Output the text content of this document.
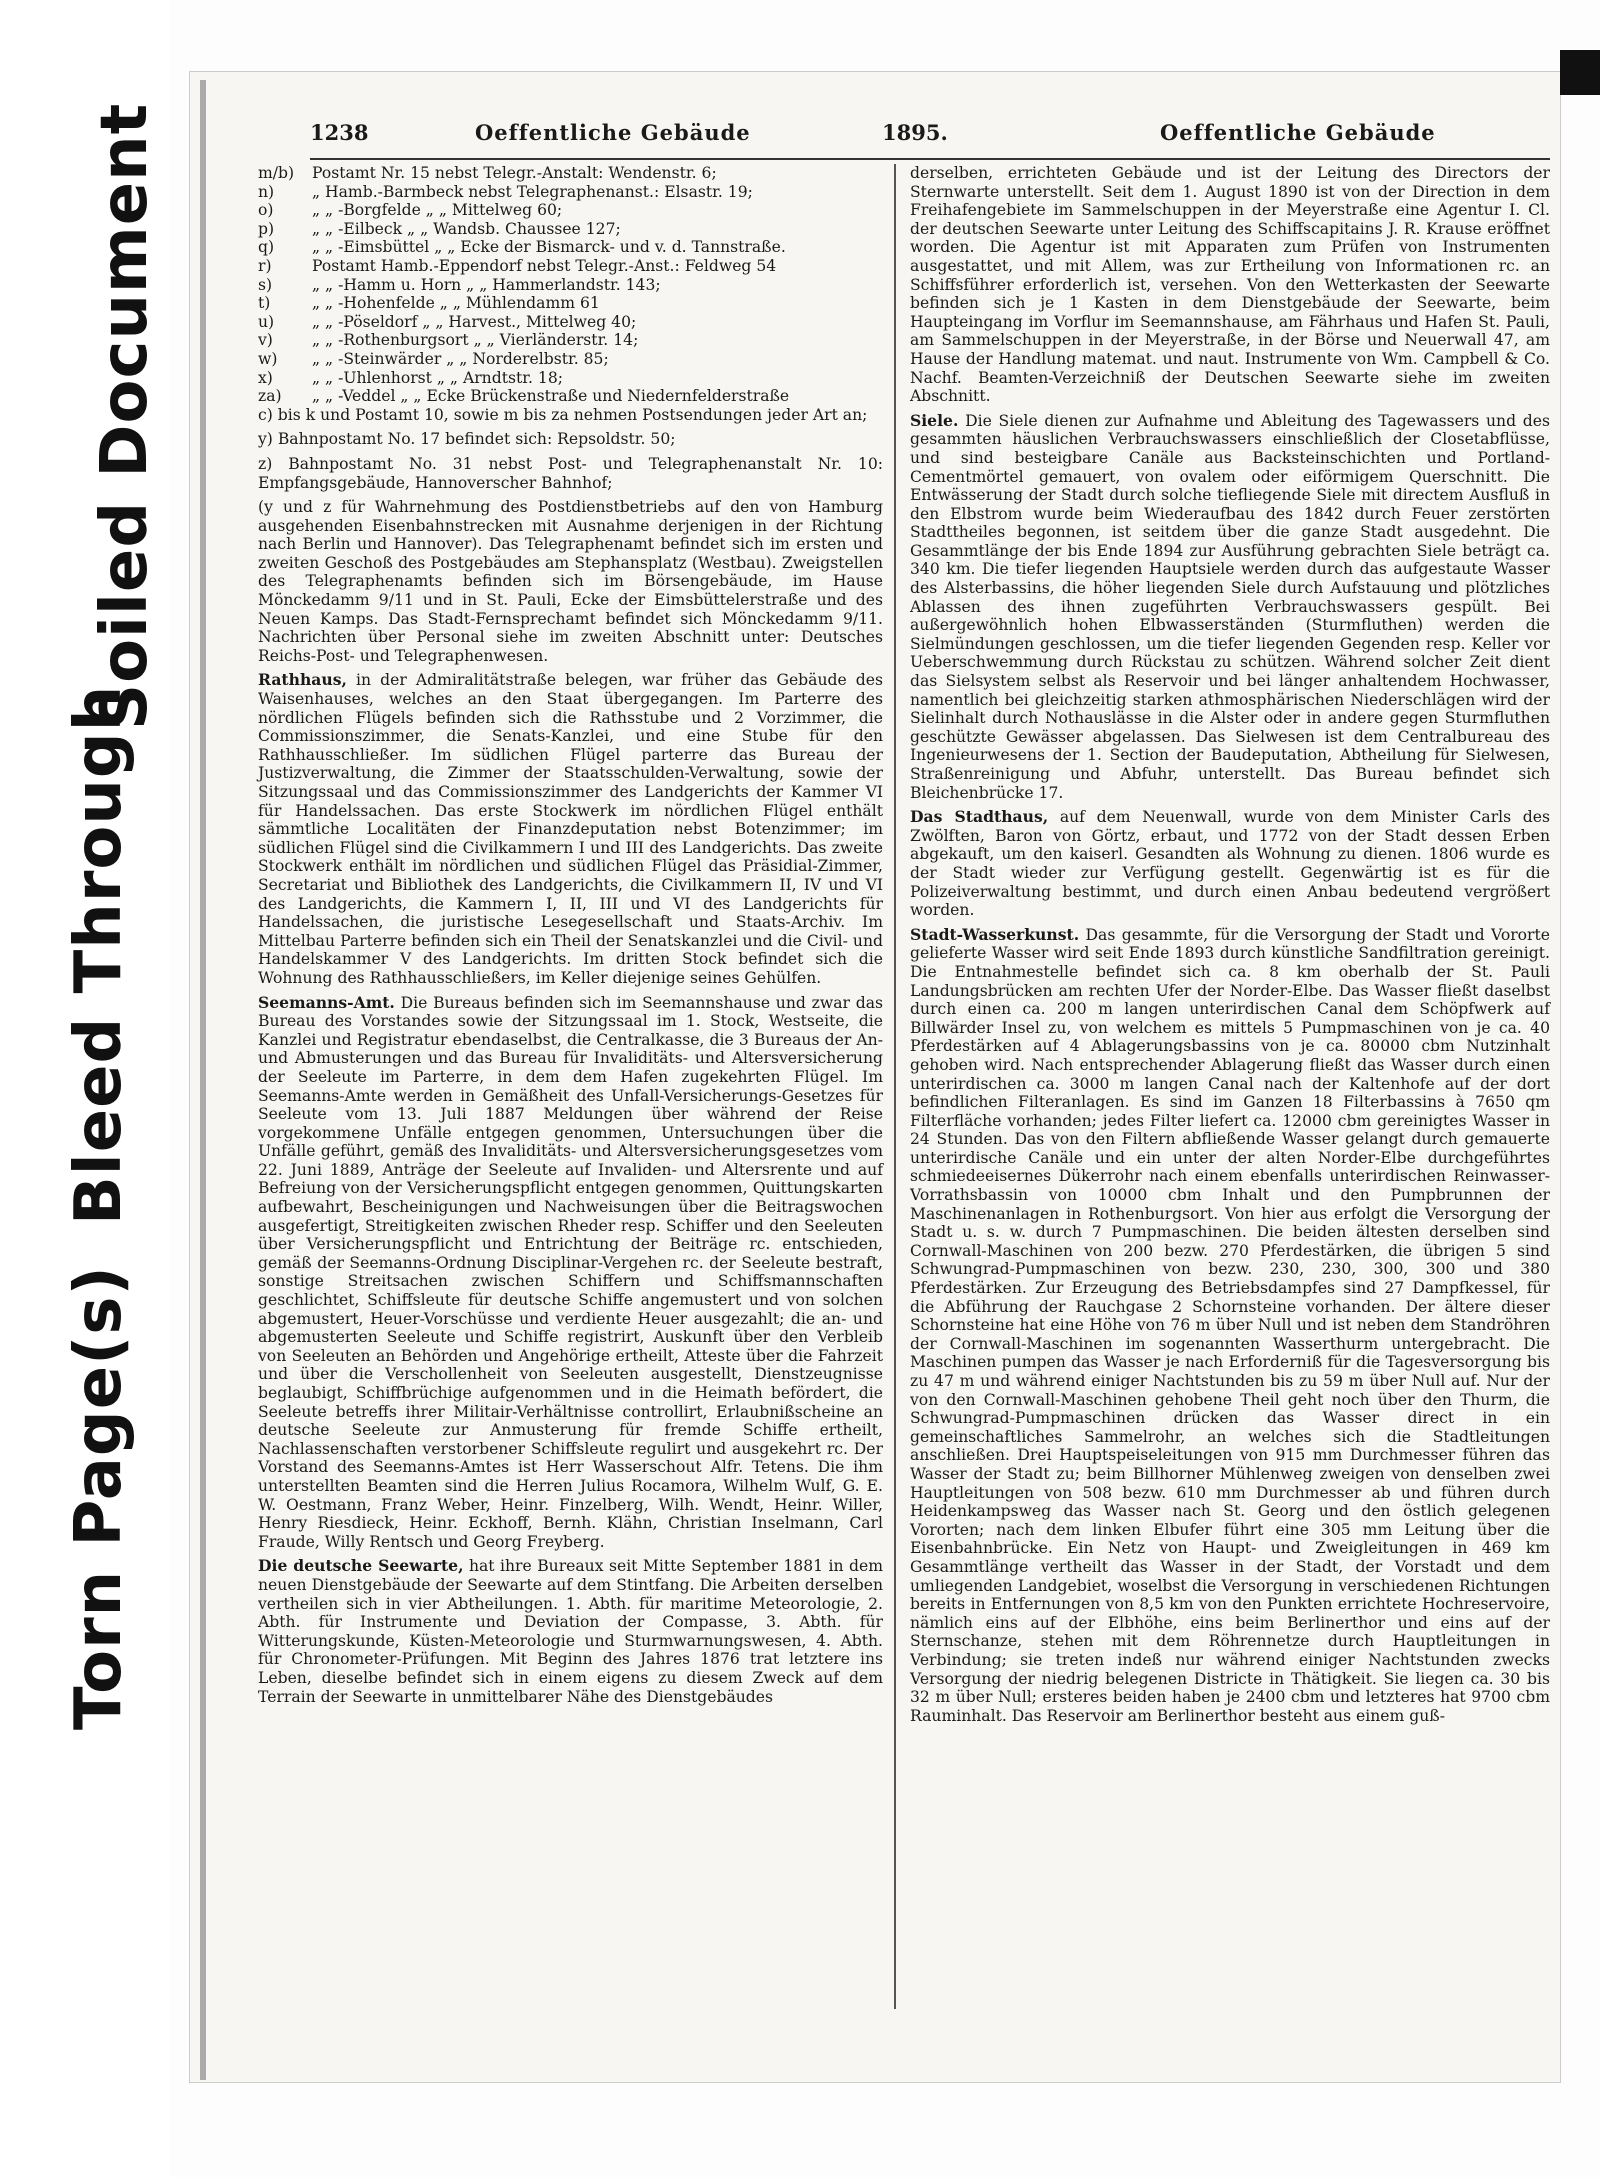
Torn Page(s)
Bleed Through
Soiled Document	1238	Oeffentliche Gebäude	1895.	Oeffentliche Gebäude
m/b)	Postamt Nr. 15 nebst Telegr.-Anstalt: Wendenstr. 6;
n)	„ Hamb.-Barmbeck nebst Telegraphenanst.: Elsastr. 19;
o)	„ „ -Borgfelde „ „ Mittelweg 60;
p)	„ „ -Eilbeck „ „ Wandsb. Chaussee 127;
q)	„ „ -Eimsbüttel „ „ Ecke der Bismarck- und v. d. Tannstraße.
r)	Postamt Hamb.-Eppendorf nebst Telegr.-Anst.: Feldweg 54
s)	„ „ -Hamm u. Horn „ „ Hammerlandstr. 143;
t)	„ „ -Hohenfelde „ „ Mühlendamm 61
u)	„ „ -Pöseldorf „ „ Harvest., Mittelweg 40;
v)	„ „ -Rothenburgsort „ „ Vierländerstr. 14;
w)	„ „ -Steinwärder „ „ Norderelbstr. 85;
x)	„ „ -Uhlenhorst „ „ Arndtstr. 18;
za)	„ „ -Veddel „ „ Ecke Brückenstraße und Niedernfelderstraße

c) bis k und Postamt 10, sowie m bis za nehmen Postsendungen jeder Art an;

y) Bahnpostamt No. 17 befindet sich: Repsoldstr. 50;

z) Bahnpostamt No. 31 nebst Post- und Telegraphenanstalt Nr. 10: Empfangsgebäude, Hannoverscher Bahnhof;

(y und z für Wahrnehmung des Postdienstbetriebs auf den von Hamburg ausgehenden Eisenbahnstrecken mit Ausnahme derjenigen in der Richtung nach Berlin und Hannover). Das Telegraphenamt befindet sich im ersten und zweiten Geschoß des Postgebäudes am Stephansplatz (Westbau). Zweigstellen des Telegraphenamts befinden sich im Börsengebäude, im Hause Mönckedamm 9/11 und in St. Pauli, Ecke der Eimsbüttelerstraße und des Neuen Kamps. Das Stadt-Fernsprechamt befindet sich Mönckedamm 9/11. Nachrichten über Personal siehe im zweiten Abschnitt unter: Deutsches Reichs-Post- und Telegraphenwesen.

Rathhaus, in der Admiralitätstraße belegen, war früher das Gebäude des Waisenhauses, welches an den Staat übergegangen. Im Parterre des nördlichen Flügels befinden sich die Rathsstube und 2 Vorzimmer, die Commissionszimmer, die Senats-Kanzlei, und eine Stube für den Rathhausschließer. Im südlichen Flügel parterre das Bureau der Justizverwaltung, die Zimmer der Staatsschulden-Verwaltung, sowie der Sitzungssaal und das Commissionszimmer des Landgerichts der Kammer VI für Handelssachen. Das erste Stockwerk im nördlichen Flügel enthält sämmtliche Localitäten der Finanzdeputation nebst Botenzimmer; im südlichen Flügel sind die Civilkammern I und III des Landgerichts. Das zweite Stockwerk enthält im nördlichen und südlichen Flügel das Präsidial-Zimmer, Secretariat und Bibliothek des Landgerichts, die Civilkammern II, IV und VI des Landgerichts, die Kammern I, II, III und VI des Landgerichts für Handelssachen, die juristische Lesegesellschaft und Staats-Archiv. Im Mittelbau Parterre befinden sich ein Theil der Senatskanzlei und die Civil- und Handelskammer V des Landgerichts. Im dritten Stock befindet sich die Wohnung des Rathhausschließers, im Keller diejenige seines Gehülfen.

Seemanns-Amt. Die Bureaus befinden sich im Seemannshause und zwar das Bureau des Vorstandes sowie der Sitzungssaal im 1. Stock, Westseite, die Kanzlei und Registratur ebendaselbst, die Centralkasse, die 3 Bureaus der An- und Abmusterungen und das Bureau für Invaliditäts- und Altersversicherung der Seeleute im Parterre, in dem dem Hafen zugekehrten Flügel. Im Seemanns-Amte werden in Gemäßheit des Unfall-Versicherungs-Gesetzes für Seeleute vom 13. Juli 1887 Meldungen über während der Reise vorgekommene Unfälle entgegen genommen, Untersuchungen über die Unfälle geführt, gemäß des Invaliditäts- und Altersversicherungsgesetzes vom 22. Juni 1889, Anträge der Seeleute auf Invaliden- und Altersrente und auf Befreiung von der Versicherungspflicht entgegen genommen, Quittungskarten aufbewahrt, Bescheinigungen und Nachweisungen über die Beitragswochen ausgefertigt, Streitigkeiten zwischen Rheder resp. Schiffer und den Seeleuten über Versicherungspflicht und Entrichtung der Beiträge rc. entschieden, gemäß der Seemanns-Ordnung Disciplinar-Vergehen rc. der Seeleute bestraft, sonstige Streitsachen zwischen Schiffern und Schiffsmannschaften geschlichtet, Schiffsleute für deutsche Schiffe angemustert und von solchen abgemustert, Heuer-Vorschüsse und verdiente Heuer ausgezahlt; die an- und abgemusterten Seeleute und Schiffe registrirt, Auskunft über den Verbleib von Seeleuten an Behörden und Angehörige ertheilt, Atteste über die Fahrzeit und über die Verschollenheit von Seeleuten ausgestellt, Dienstzeugnisse beglaubigt, Schiffbrüchige aufgenommen und in die Heimath befördert, die Seeleute betreffs ihrer Militair-Verhältnisse controllirt, Erlaubnißscheine an deutsche Seeleute zur Anmusterung für fremde Schiffe ertheilt, Nachlassenschaften verstorbener Schiffsleute regulirt und ausgekehrt rc. Der Vorstand des Seemanns-Amtes ist Herr Wasserschout Alfr. Tetens. Die ihm unterstellten Beamten sind die Herren Julius Rocamora, Wilhelm Wulf, G. E. W. Oestmann, Franz Weber, Heinr. Finzelberg, Wilh. Wendt, Heinr. Willer, Henry Riesdieck, Heinr. Eckhoff, Bernh. Klähn, Christian Inselmann, Carl Fraude, Willy Rentsch und Georg Freyberg.

Die deutsche Seewarte, hat ihre Bureaux seit Mitte September 1881 in dem neuen Dienstgebäude der Seewarte auf dem Stintfang. Die Arbeiten derselben vertheilen sich in vier Abtheilungen. 1. Abth. für maritime Meteorologie, 2. Abth. für Instrumente und Deviation der Compasse, 3. Abth. für Witterungskunde, Küsten-Meteorologie und Sturmwarnungswesen, 4. Abth. für Chronometer-Prüfungen. Mit Beginn des Jahres 1876 trat letztere ins Leben, dieselbe befindet sich in einem eigens zu diesem Zweck auf dem Terrain der Seewarte in unmittelbarer Nähe des Dienstgebäudes

derselben, errichteten Gebäude und ist der Leitung des Directors der Sternwarte unterstellt. Seit dem 1. August 1890 ist von der Direction in dem Freihafengebiete im Sammelschuppen in der Meyerstraße eine Agentur I. Cl. der deutschen Seewarte unter Leitung des Schiffscapitains J. R. Krause eröffnet worden. Die Agentur ist mit Apparaten zum Prüfen von Instrumenten ausgestattet, und mit Allem, was zur Ertheilung von Informationen rc. an Schiffsführer erforderlich ist, versehen. Von den Wetterkasten der Seewarte befinden sich je 1 Kasten in dem Dienstgebäude der Seewarte, beim Haupteingang im Vorflur im Seemannshause, am Fährhaus und Hafen St. Pauli, am Sammelschuppen in der Meyerstraße, in der Börse und Neuerwall 47, am Hause der Handlung matemat. und naut. Instrumente von Wm. Campbell & Co. Nachf. Beamten-Verzeichniß der Deutschen Seewarte siehe im zweiten Abschnitt.

Siele. Die Siele dienen zur Aufnahme und Ableitung des Tagewassers und des gesammten häuslichen Verbrauchswassers einschließlich der Closetabflüsse, und sind besteigbare Canäle aus Backsteinschichten und Portland-Cementmörtel gemauert, von ovalem oder eiförmigem Querschnitt. Die Entwässerung der Stadt durch solche tiefliegende Siele mit directem Ausfluß in den Elbstrom wurde beim Wiederaufbau des 1842 durch Feuer zerstörten Stadttheiles begonnen, ist seitdem über die ganze Stadt ausgedehnt. Die Gesammtlänge der bis Ende 1894 zur Ausführung gebrachten Siele beträgt ca. 340 km. Die tiefer liegenden Hauptsiele werden durch das aufgestaute Wasser des Alsterbassins, die höher liegenden Siele durch Aufstauung und plötzliches Ablassen des ihnen zugeführten Verbrauchswassers gespült. Bei außergewöhnlich hohen Elbwasserständen (Sturmfluthen) werden die Sielmündungen geschlossen, um die tiefer liegenden Gegenden resp. Keller vor Ueberschwemmung durch Rückstau zu schützen. Während solcher Zeit dient das Sielsystem selbst als Reservoir und bei länger anhaltendem Hochwasser, namentlich bei gleichzeitig starken athmosphärischen Niederschlägen wird der Sielinhalt durch Nothauslässe in die Alster oder in andere gegen Sturmfluthen geschützte Gewässer abgelassen. Das Sielwesen ist dem Centralbureau des Ingenieurwesens der 1. Section der Baudeputation, Abtheilung für Sielwesen, Straßenreinigung und Abfuhr, unterstellt. Das Bureau befindet sich Bleichenbrücke 17.

Das Stadthaus, auf dem Neuenwall, wurde von dem Minister Carls des Zwölften, Baron von Görtz, erbaut, und 1772 von der Stadt dessen Erben abgekauft, um den kaiserl. Gesandten als Wohnung zu dienen. 1806 wurde es der Stadt wieder zur Verfügung gestellt. Gegenwärtig ist es für die Polizeiverwaltung bestimmt, und durch einen Anbau bedeutend vergrößert worden.

Stadt-Wasserkunst. Das gesammte, für die Versorgung der Stadt und Vororte gelieferte Wasser wird seit Ende 1893 durch künstliche Sandfiltration gereinigt. Die Entnahmestelle befindet sich ca. 8 km oberhalb der St. Pauli Landungsbrücken am rechten Ufer der Norder-Elbe. Das Wasser fließt daselbst durch einen ca. 200 m langen unterirdischen Canal dem Schöpfwerk auf Billwärder Insel zu, von welchem es mittels 5 Pumpmaschinen von je ca. 40 Pferdestärken auf 4 Ablagerungsbassins von je ca. 80000 cbm Nutzinhalt gehoben wird. Nach entsprechender Ablagerung fließt das Wasser durch einen unterirdischen ca. 3000 m langen Canal nach der Kaltenhofe auf der dort befindlichen Filteranlagen. Es sind im Ganzen 18 Filterbassins à 7650 qm Filterfläche vorhanden; jedes Filter liefert ca. 12000 cbm gereinigtes Wasser in 24 Stunden. Das von den Filtern abfließende Wasser gelangt durch gemauerte unterirdische Canäle und ein unter der alten Norder-Elbe durchgeführtes schmiedeeisernes Dükerrohr nach einem ebenfalls unterirdischen Reinwasser-Vorrathsbassin von 10000 cbm Inhalt und den Pumpbrunnen der Maschinenanlagen in Rothenburgsort. Von hier aus erfolgt die Versorgung der Stadt u. s. w. durch 7 Pumpmaschinen. Die beiden ältesten derselben sind Cornwall-Maschinen von 200 bezw. 270 Pferdestärken, die übrigen 5 sind Schwungrad-Pumpmaschinen von bezw. 230, 230, 300, 300 und 380 Pferdestärken. Zur Erzeugung des Betriebsdampfes sind 27 Dampfkessel, für die Abführung der Rauchgase 2 Schornsteine vorhanden. Der ältere dieser Schornsteine hat eine Höhe von 76 m über Null und ist neben dem Standröhren der Cornwall-Maschinen im sogenannten Wasserthurm untergebracht. Die Maschinen pumpen das Wasser je nach Erforderniß für die Tagesversorgung bis zu 47 m und während einiger Nachtstunden bis zu 59 m über Null auf. Nur der von den Cornwall-Maschinen gehobene Theil geht noch über den Thurm, die Schwungrad-Pumpmaschinen drücken das Wasser direct in ein gemeinschaftliches Sammelrohr, an welches sich die Stadtleitungen anschließen. Drei Hauptspeiseleitungen von 915 mm Durchmesser führen das Wasser der Stadt zu; beim Billhorner Mühlenweg zweigen von denselben zwei Hauptleitungen von 508 bezw. 610 mm Durchmesser ab und führen durch Heidenkampsweg das Wasser nach St. Georg und den östlich gelegenen Vororten; nach dem linken Elbufer führt eine 305 mm Leitung über die Eisenbahnbrücke. Ein Netz von Haupt- und Zweigleitungen in 469 km Gesammtlänge vertheilt das Wasser in der Stadt, der Vorstadt und dem umliegenden Landgebiet, woselbst die Versorgung in verschiedenen Richtungen bereits in Entfernungen von 8,5 km von den Punkten errichtete Hochreservoire, nämlich eins auf der Elbhöhe, eins beim Berlinerthor und eins auf der Sternschanze, stehen mit dem Röhrennetze durch Hauptleitungen in Verbindung; sie treten indeß nur während einiger Nachtstunden zwecks Versorgung der niedrig belegenen Districte in Thätigkeit. Sie liegen ca. 30 bis 32 m über Null; ersteres beiden haben je 2400 cbm und letzteres hat 9700 cbm Rauminhalt. Das Reservoir am Berlinerthor besteht aus einem guß-
